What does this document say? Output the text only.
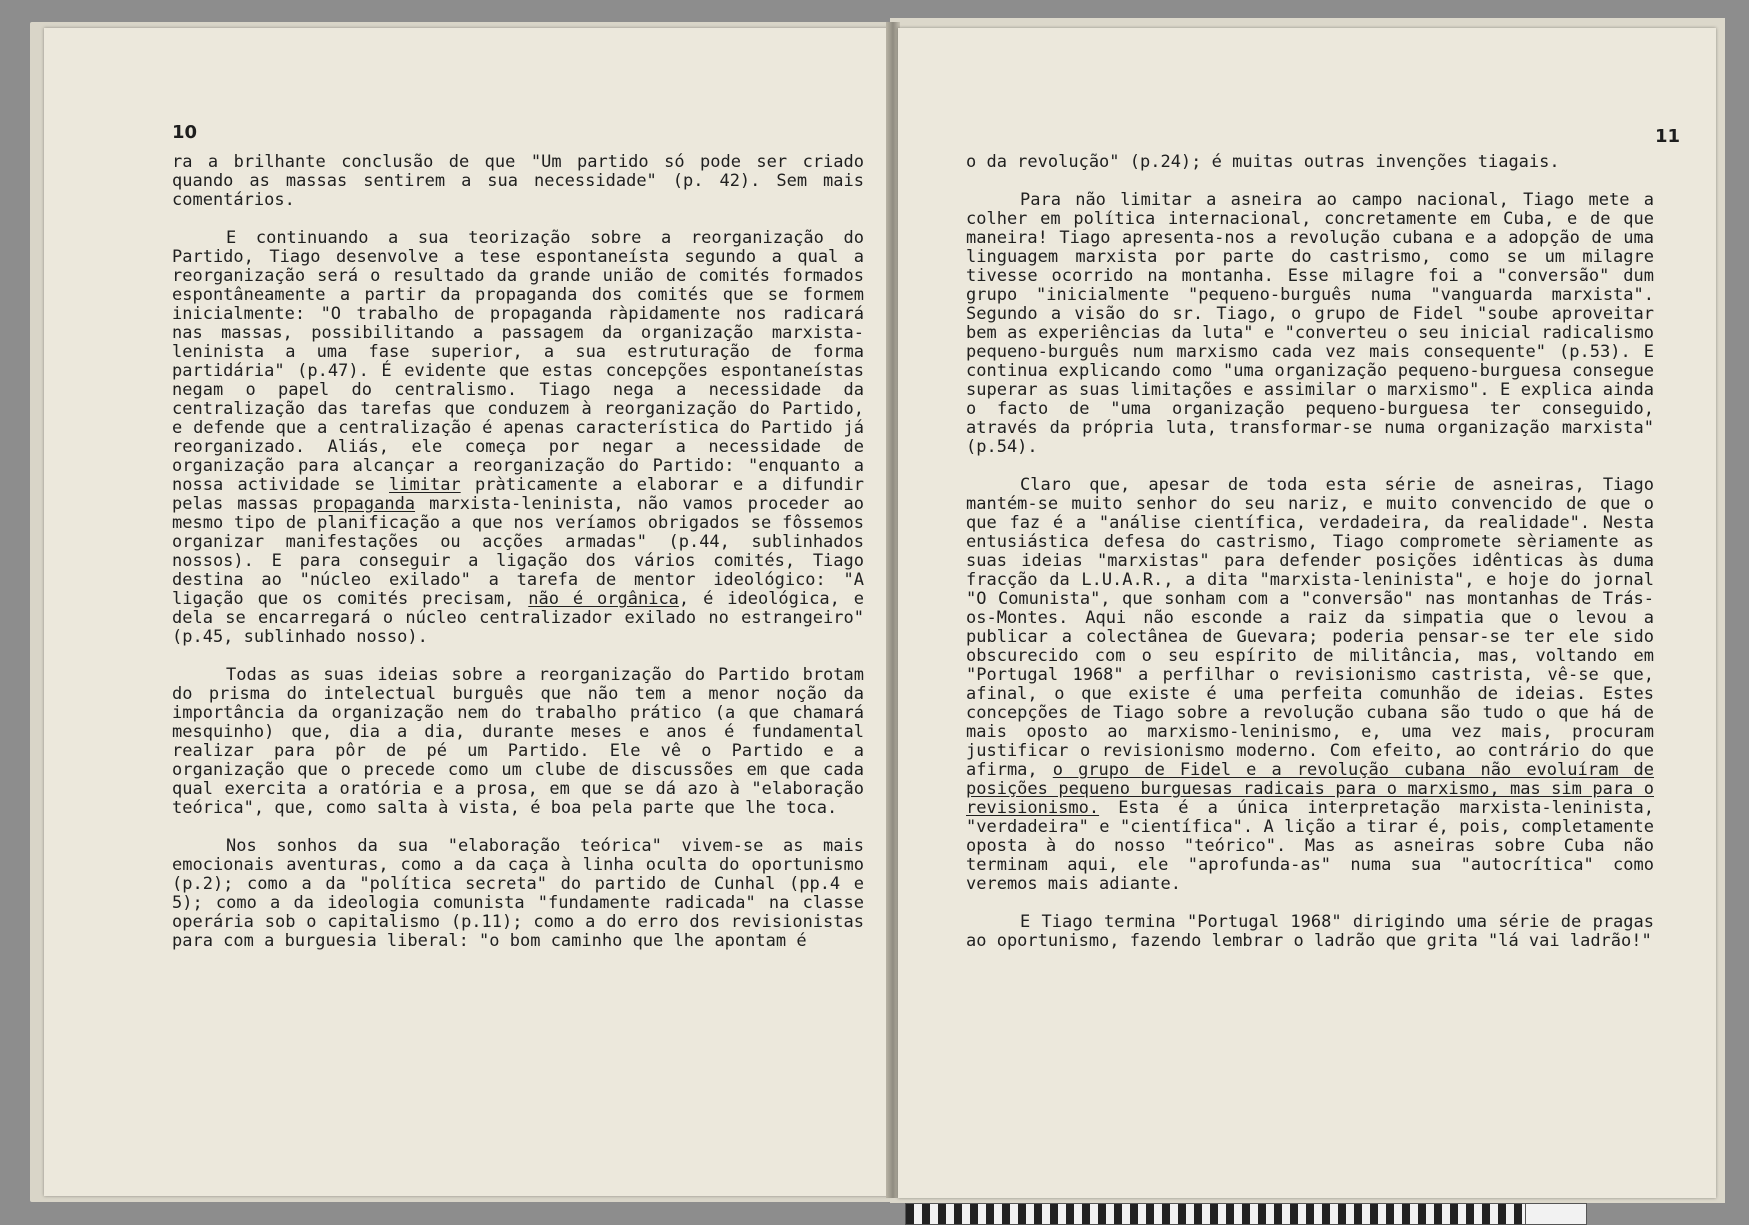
10

ra a brilhante conclusão de que "Um partido só pode ser criado quando as massas sentirem a sua necessidade" (p. 42). Sem mais comentários.

E continuando a sua teorização sobre a reorganização do Partido, Tiago desenvolve a tese espontaneísta segundo a qual a reorganização será o resultado da grande união de comités formados espontâneamente a partir da propaganda dos comités que se formem inicialmente: "O trabalho de propaganda ràpidamente nos radicará nas massas, possibilitando a passagem da organização marxista-leninista a uma fase superior, a sua estruturação de forma partidária" (p.47). É evidente que estas concepções espontaneístas negam o papel do centralismo. Tiago nega a necessidade da centralização das tarefas que conduzem à reorganização do Partido, e defende que a centralização é apenas característica do Partido já reorganizado. Aliás, ele começa por negar a necessidade de organização para alcançar a reorganização do Partido: "enquanto a nossa actividade se limitar pràticamente a elaborar e a difundir pelas massas propaganda marxista-leninista, não vamos proceder ao mesmo tipo de planificação a que nos veríamos obrigados se fôssemos organizar manifestações ou acções armadas" (p.44, sublinhados nossos). E para conseguir a ligação dos vários comités, Tiago destina ao "núcleo exilado" a tarefa de mentor ideológico: "A ligação que os comités precisam, não é orgânica, é ideológica, e dela se encarregará o núcleo centralizador exilado no estrangeiro" (p.45, sublinhado nosso).

Todas as suas ideias sobre a reorganização do Partido brotam do prisma do intelectual burguês que não tem a menor noção da importância da organização nem do trabalho prático (a que chamará mesquinho) que, dia a dia, durante meses e anos é fundamental realizar para pôr de pé um Partido. Ele vê o Partido e a organização que o precede como um clube de discussões em que cada qual exercita a oratória e a prosa, em que se dá azo à "elaboração teórica", que, como salta à vista, é boa pela parte que lhe toca.

Nos sonhos da sua "elaboração teórica" vivem-se as mais emocionais aventuras, como a da caça à linha oculta do oportunismo (p.2); como a da "política secreta" do partido de Cunhal (pp.4 e 5); como a da ideologia comunista "fundamente radicada" na classe operária sob o capitalismo (p.11); como a do erro dos revisionistas para com a burguesia liberal: "o bom caminho que lhe apontam é

11

o da revolução" (p.24); é muitas outras invenções tiagais.

Para não limitar a asneira ao campo nacional, Tiago mete a colher em política internacional, concretamente em Cuba, e de que maneira! Tiago apresenta-nos a revolução cubana e a adopção de uma linguagem marxista por parte do castrismo, como se um milagre tivesse ocorrido na montanha. Esse milagre foi a "conversão" dum grupo "inicialmente "pequeno-burguês numa "vanguarda marxista". Segundo a visão do sr. Tiago, o grupo de Fidel "soube aproveitar bem as experiências da luta" e "converteu o seu inicial radicalismo pequeno-burguês num marxismo cada vez mais consequente" (p.53). E continua explicando como "uma organização pequeno-burguesa consegue superar as suas limitações e assimilar o marxismo". E explica ainda o facto de "uma organização pequeno-burguesa ter conseguido, através da própria luta, transformar-se numa organização marxista" (p.54).

Claro que, apesar de toda esta série de asneiras, Tiago mantém-se muito senhor do seu nariz, e muito convencido de que o que faz é a "análise científica, verdadeira, da realidade". Nesta entusiástica defesa do castrismo, Tiago compromete sèriamente as suas ideias "marxistas" para defender posições idênticas às duma fracção da L.U.A.R., a dita "marxista-leninista", e hoje do jornal "O Comunista", que sonham com a "conversão" nas montanhas de Trás-os-Montes. Aqui não esconde a raiz da simpatia que o levou a publicar a colectânea de Guevara; poderia pensar-se ter ele sido obscurecido com o seu espírito de militância, mas, voltando em "Portugal 1968" a perfilhar o revisionismo castrista, vê-se que, afinal, o que existe é uma perfeita comunhão de ideias. Estes concepções de Tiago sobre a revolução cubana são tudo o que há de mais oposto ao marxismo-leninismo, e, uma vez mais, procuram justificar o revisionismo moderno. Com efeito, ao contrário do que afirma, o grupo de Fidel e a revolução cubana não evoluíram de posições pequeno burguesas radicais para o marxismo, mas sim para o revisionismo. Esta é a única interpretação marxista-leninista, "verdadeira" e "científica". A lição a tirar é, pois, completamente oposta à do nosso "teórico". Mas as asneiras sobre Cuba não terminam aqui, ele "aprofunda-as" numa sua "autocrítica" como veremos mais adiante.

E Tiago termina "Portugal 1968" dirigindo uma série de pragas ao oportunismo, fazendo lembrar o ladrão que grita "lá vai ladrão!"
